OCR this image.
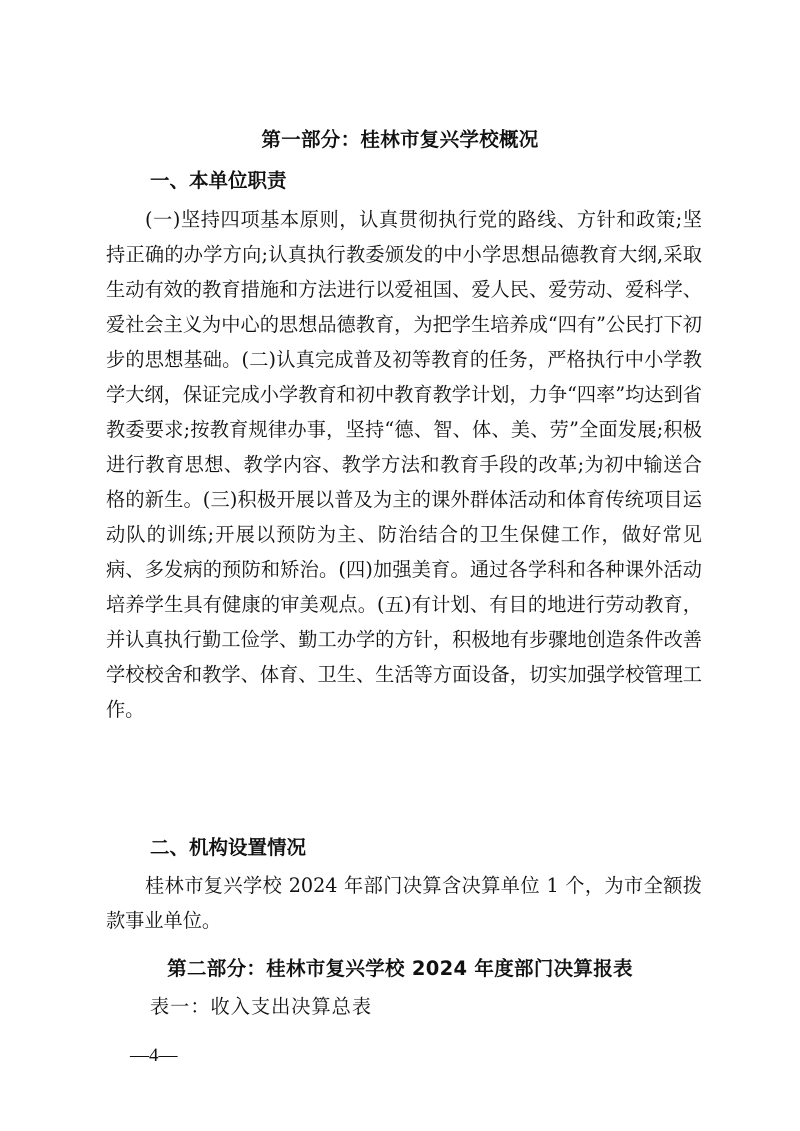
第一部分：桂林市复兴学校概况
一、本单位职责

(一)坚持四项基本原则，认真贯彻执行党的路线、方针和政策;坚持正确的办学方向;认真执行教委颁发的中小学思想品德教育大纲,采取生动有效的教育措施和方法进行以爱祖国、爱人民、爱劳动、爱科学、爱社会主义为中心的思想品德教育，为把学生培养成“四有”公民打下初步的思想基础。(二)认真完成普及初等教育的任务，严格执行中小学教学大纲，保证完成小学教育和初中教育教学计划，力争“四率”均达到省教委要求;按教育规律办事，坚持“德、智、体、美、劳”全面发展;积极进行教育思想、教学内容、教学方法和教育手段的改革;为初中输送合格的新生。(三)积极开展以普及为主的课外群体活动和体育传统项目运动队的训练;开展以预防为主、防治结合的卫生保健工作，做好常见病、多发病的预防和矫治。(四)加强美育。通过各学科和各种课外活动培养学生具有健康的审美观点。(五)有计划、有目的地进行劳动教育，并认真执行勤工俭学、勤工办学的方针，积极地有步骤地创造条件改善学校校舍和教学、体育、卫生、生活等方面设备，切实加强学校管理工作。

二、机构设置情况

桂林市复兴学校 2024 年部门决算含决算单位 1 个，为市全额拨款事业单位。

第二部分：桂林市复兴学校 2024 年度部门决算报表
表一：收入支出决算总表
—4—
